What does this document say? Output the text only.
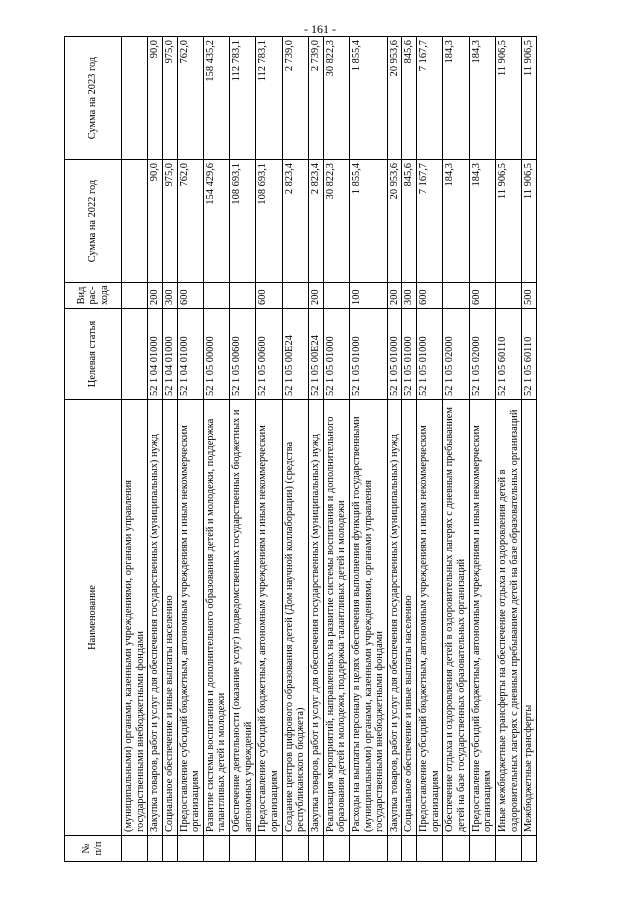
- 161 -
№ п/п	Наименование	Целевая статья	Вид рас-хода	Сумма на 2022 год	Сумма на 2023 год
	(муниципальными) органами, казенными учреждениями, органами управления государственными внебюджетными фондами				
	Закупка товаров, работ и услуг для обеспечения государственных (муниципальных) нужд	52 1 04 01000	200	90,0	90,0
	Социальное обеспечение и иные выплаты населению	52 1 04 01000	300	975,0	975,0
	Предоставление субсидий бюджетным, автономным учреждениям и иным некоммерческим организациям	52 1 04 01000	600	762,0	762,0
	Развитие системы воспитания и дополнительного образования детей и молодежи, поддержка талантливых детей и молодежи	52 1 05 00000		154 429,6	158 435,2
	Обеспечение деятельности (оказание услуг) подведомственных государственных бюджетных и автономных учреждений	52 1 05 00600		108 693,1	112 783,1
	Предоставление субсидий бюджетным, автономным учреждениям и иным некоммерческим организациям	52 1 05 00600	600	108 693,1	112 783,1
	Создание центров цифрового образования детей (Дом научной коллаборации) (средства республиканского бюджета)	52 1 05 00E24		2 823,4	2 739,0
	Закупка товаров, работ и услуг для обеспечения государственных (муниципальных) нужд	52 1 05 00E24	200	2 823,4	2 739,0
	Реализация мероприятий, направленных на развитие системы воспитания и дополнительного образования детей и молодежи, поддержка талантливых детей и молодежи	52 1 05 01000		30 822,3	30 822,3
	Расходы на выплаты персоналу в целях обеспечения выполнения функций государственными (муниципальными) органами, казенными учреждениями, органами управления государственными внебюджетными фондами	52 1 05 01000	100	1 855,4	1 855,4
	Закупка товаров, работ и услуг для обеспечения государственных (муниципальных) нужд	52 1 05 01000	200	20 953,6	20 953,6
	Социальное обеспечение и иные выплаты населению	52 1 05 01000	300	845,6	845,6
	Предоставление субсидий бюджетным, автономным учреждениям и иным некоммерческим организациям	52 1 05 01000	600	7 167,7	7 167,7
	Обеспечение отдыха и оздоровления детей в оздоровительных лагерях с дневным пребыванием детей на базе государственных образовательных организаций	52 1 05 02000		184,3	184,3
	Предоставление субсидий бюджетным, автономным учреждениям и иным некоммерческим организациям	52 1 05 02000	600	184,3	184,3
	Иные межбюджетные трансферты на обеспечение отдыха и оздоровления детей в оздоровительных лагерях с дневным пребыванием детей на базе образовательных организаций	52 1 05 60110		11 906,5	11 906,5
	Межбюджетные трансферты	52 1 05 60110	500	11 906,5	11 906,5
